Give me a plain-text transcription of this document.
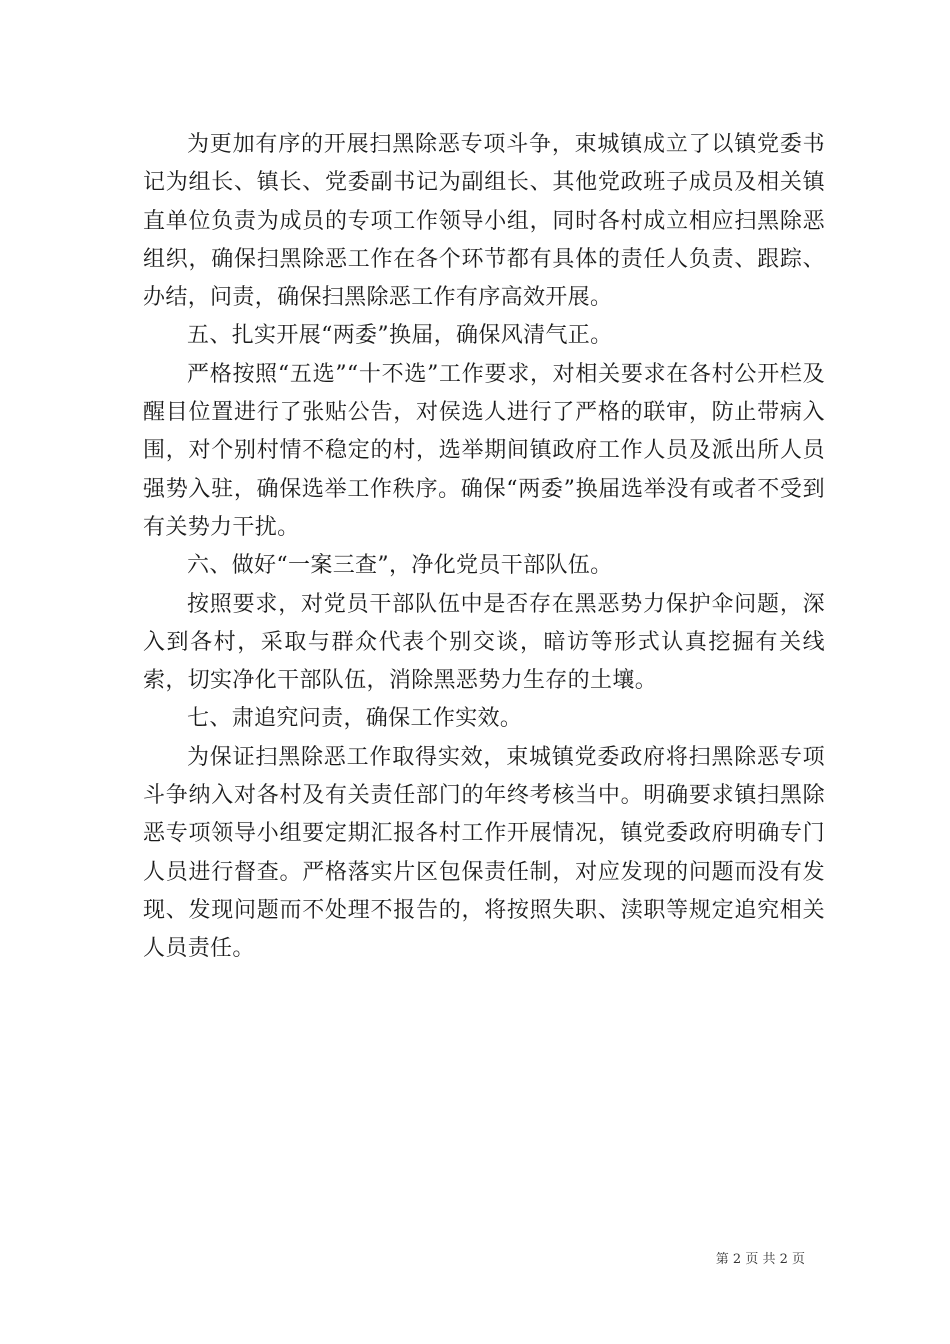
为更加有序的开展扫黑除恶专项斗争，束城镇成立了以镇党委书记为组长、镇长、党委副书记为副组长、其他党政班子成员及相关镇直单位负责为成员的专项工作领导小组，同时各村成立相应扫黑除恶组织，确保扫黑除恶工作在各个环节都有具体的责任人负责、跟踪、办结，问责，确保扫黑除恶工作有序高效开展。

五、扎实开展“两委”换届，确保风清气正。

严格按照“五选”“十不选”工作要求，对相关要求在各村公开栏及醒目位置进行了张贴公告，对侯选人进行了严格的联审，防止带病入围，对个别村情不稳定的村，选举期间镇政府工作人员及派出所人员强势入驻，确保选举工作秩序。确保“两委”换届选举没有或者不受到有关势力干扰。

六、做好“一案三查”，净化党员干部队伍。

按照要求，对党员干部队伍中是否存在黑恶势力保护伞问题，深入到各村，采取与群众代表个别交谈，暗访等形式认真挖掘有关线索，切实净化干部队伍，消除黑恶势力生存的土壤。

七、肃追究问责，确保工作实效。

为保证扫黑除恶工作取得实效，束城镇党委政府将扫黑除恶专项斗争纳入对各村及有关责任部门的年终考核当中。明确要求镇扫黑除恶专项领导小组要定期汇报各村工作开展情况，镇党委政府明确专门人员进行督查。严格落实片区包保责任制，对应发现的问题而没有发现、发现问题而不处理不报告的，将按照失职、渎职等规定追究相关人员责任。

第 2 页 共 2 页
